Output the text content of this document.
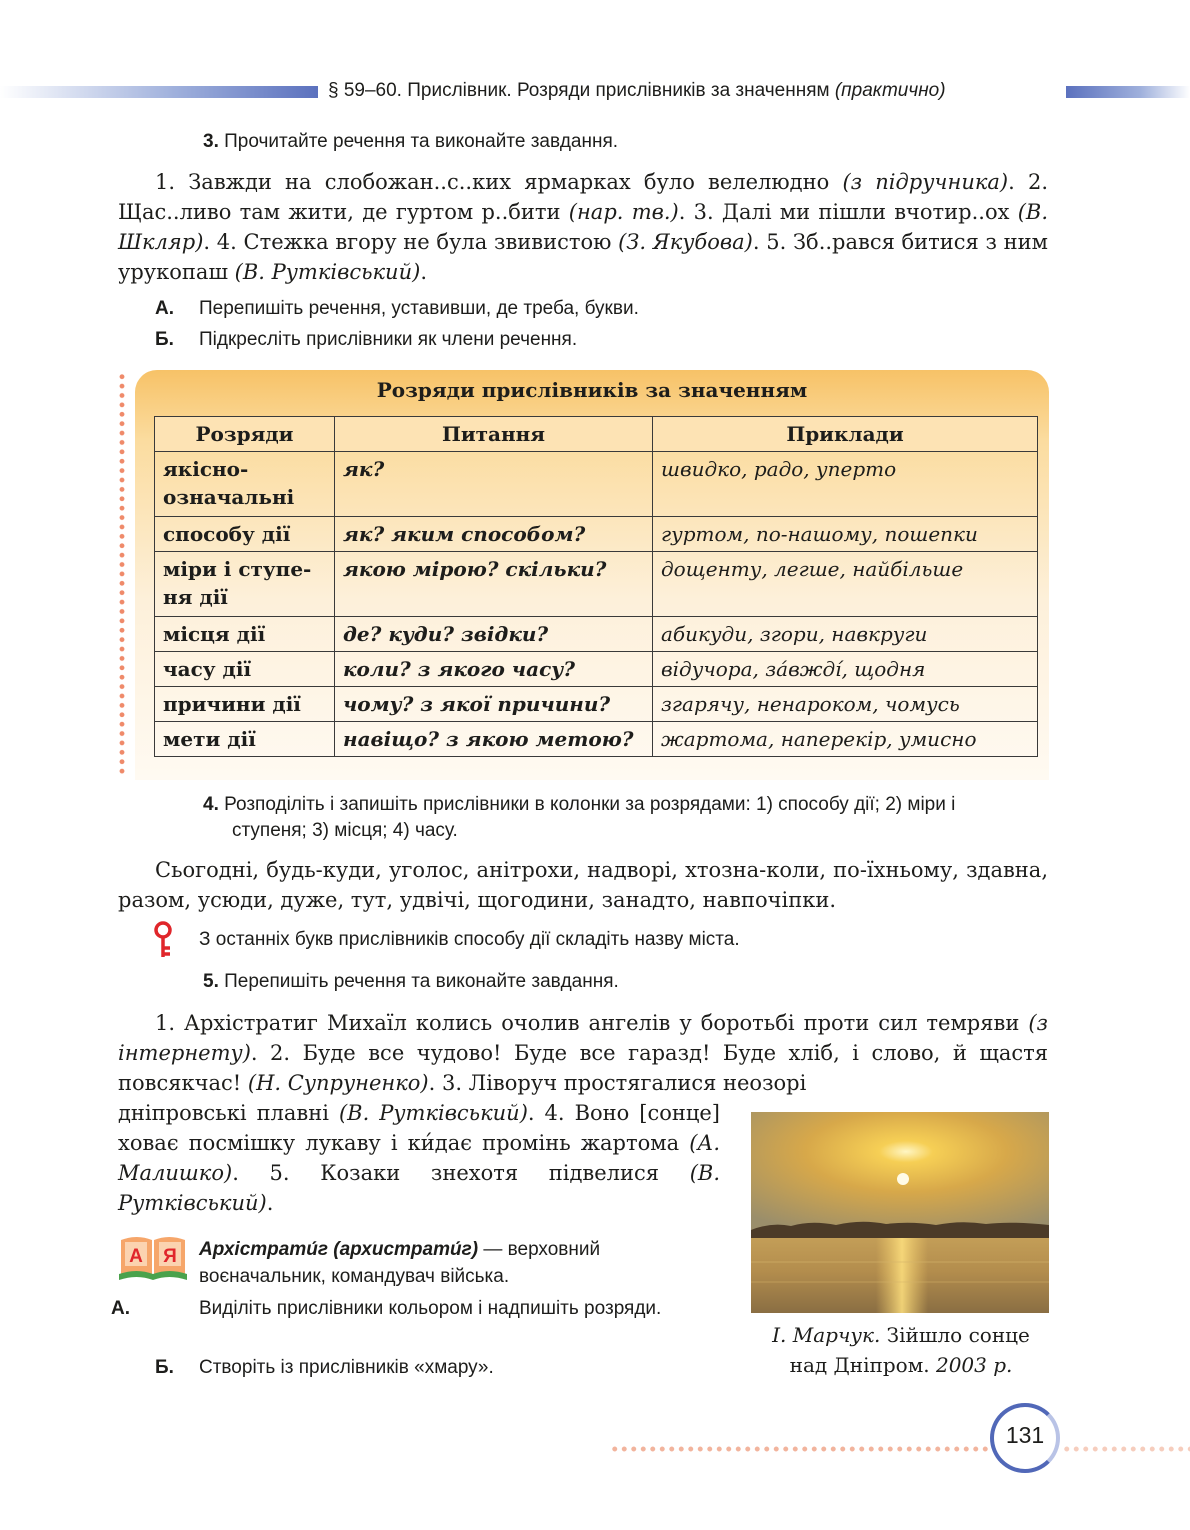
§ 59–60. Прислівник. Розряди прислівників за значенням (практично)
3. Прочитайте речення та виконайте завдання.
1. Завжди на слобожан..с..ких ярмарках було велелюдно (з підручника). 2. Щас..ливо там жити, де гуртом р..бити (нар. тв.). 3. Далі ми пішли вчотир..ох (В. Шкляр). 4. Стежка вгору не була звивистою (З. Якубова). 5. Зб..рався битися з ним урукопаш (В. Рутківський).
А. Перепишіть речення, уставивши, де треба, букви.
Б. Підкресліть прислівники як члени речення.
Розряди прислівників за значенням
Розряди	Питання	Приклади
якісно-
означальні	як?	швидко, радо, уперто
способу дії	як? яким способом?	гуртом, по-нашому, пошепки
міри і ступе-
ня дії	якою мірою? скільки?	дощенту, легше, найбільше
місця дії	де? куди? звідки?	абикуди, згори, навкруги
часу дії	коли? з якого часу?	відучора, за́вжді́, щодня
причини дії	чому? з якої причини?	згарячу, ненароком, чомусь
мети дії	навіщо? з якою метою?	жартома, наперекір, умисно
4. Розподіліть і запишіть прислівники в колонки за розрядами: 1) способу дії; 2) міри і ступеня; 3) місця; 4) часу.
Сьогодні, будь-куди, уголос, анітрохи, надворі, хтозна-коли, по-їхньому, здавна, разом, усюди, дуже, тут, удвічі, щогодини, занадто, навпочіпки.
З останніх букв прислівників способу дії складіть назву міста.
5. Перепишіть речення та виконайте завдання.
1. Архістратиг Михаїл колись очолив ангелів у боротьбі проти сил темряви (з інтернету). 2. Буде все чудово! Буде все гаразд! Буде хліб, і слово, й щастя повсякчас! (Н. Супруненко). 3. Ліворуч простягалися неозорі
дніпровські плавні (В. Рутківський). 4. Воно [сонце] ховає посмішку лукаву і ки́дає промінь жартома (А. Малишко). 5. Козаки знехотя підвелися (В. Рутківський).
А Я Архістрати́г (архистрати́г) — верховний воєначальник, командувач війська.
А.	Виділіть прислівники кольором і надпишіть розряди.
Б. Створіть із прислівників «хмару».
І. Марчук. Зійшло сонце над Дніпром. 2003 р.
131
